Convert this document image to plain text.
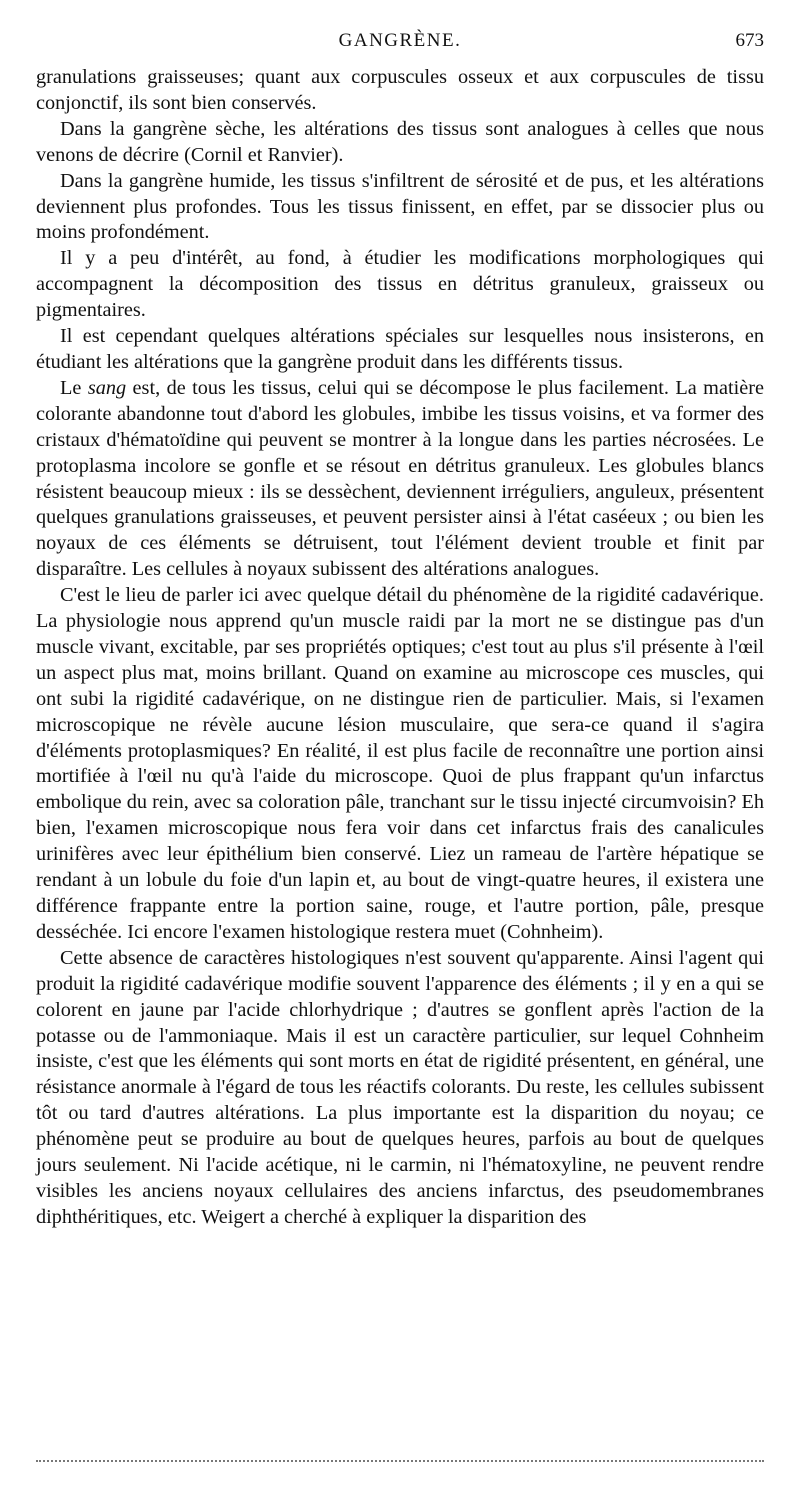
GANGRÈNE.	673

granulations graisseuses; quant aux corpuscules osseux et aux corpuscules de tissu conjonctif, ils sont bien conservés.

Dans la gangrène sèche, les altérations des tissus sont analogues à celles que nous venons de décrire (Cornil et Ranvier).

Dans la gangrène humide, les tissus s'infiltrent de sérosité et de pus, et les altérations deviennent plus profondes. Tous les tissus finissent, en effet, par se dissocier plus ou moins profondément.

Il y a peu d'intérêt, au fond, à étudier les modifications morphologiques qui accompagnent la décomposition des tissus en détritus granuleux, graisseux ou pigmentaires.

Il est cependant quelques altérations spéciales sur lesquelles nous insisterons, en étudiant les altérations que la gangrène produit dans les différents tissus.

Le sang est, de tous les tissus, celui qui se décompose le plus facilement. La matière colorante abandonne tout d'abord les globules, imbibe les tissus voisins, et va former des cristaux d'hématoïdine qui peuvent se montrer à la longue dans les parties nécrosées. Le protoplasma incolore se gonfle et se résout en détritus granuleux. Les globules blancs résistent beaucoup mieux : ils se dessèchent, deviennent irréguliers, anguleux, présentent quelques granulations graisseuses, et peuvent persister ainsi à l'état caséeux ; ou bien les noyaux de ces éléments se détruisent, tout l'élément devient trouble et finit par disparaître. Les cellules à noyaux subissent des altérations analogues.

C'est le lieu de parler ici avec quelque détail du phénomène de la rigidité cadavérique. La physiologie nous apprend qu'un muscle raidi par la mort ne se distingue pas d'un muscle vivant, excitable, par ses propriétés optiques; c'est tout au plus s'il présente à l'œil un aspect plus mat, moins brillant. Quand on examine au microscope ces muscles, qui ont subi la rigidité cadavérique, on ne distingue rien de particulier. Mais, si l'examen microscopique ne révèle aucune lésion musculaire, que sera-ce quand il s'agira d'éléments protoplasmiques? En réalité, il est plus facile de reconnaître une portion ainsi mortifiée à l'œil nu qu'à l'aide du microscope. Quoi de plus frappant qu'un infarctus embolique du rein, avec sa coloration pâle, tranchant sur le tissu injecté circumvoisin? Eh bien, l'examen microscopique nous fera voir dans cet infarctus frais des canalicules urinifères avec leur épithélium bien conservé. Liez un rameau de l'artère hépatique se rendant à un lobule du foie d'un lapin et, au bout de vingt-quatre heures, il existera une différence frappante entre la portion saine, rouge, et l'autre portion, pâle, presque desséchée. Ici encore l'examen histologique restera muet (Cohnheim).

Cette absence de caractères histologiques n'est souvent qu'apparente. Ainsi l'agent qui produit la rigidité cadavérique modifie souvent l'apparence des éléments ; il y en a qui se colorent en jaune par l'acide chlorhydrique ; d'autres se gonflent après l'action de la potasse ou de l'ammoniaque. Mais il est un caractère particulier, sur lequel Cohnheim insiste, c'est que les éléments qui sont morts en état de rigidité présentent, en général, une résistance anormale à l'égard de tous les réactifs colorants. Du reste, les cellules subissent tôt ou tard d'autres altérations. La plus importante est la disparition du noyau; ce phénomène peut se produire au bout de quelques heures, parfois au bout de quelques jours seulement. Ni l'acide acétique, ni le carmin, ni l'hématoxyline, ne peuvent rendre visibles les anciens noyaux cellulaires des anciens infarctus, des pseudomembranes diphthéritiques, etc. Weigert a cherché à expliquer la disparition des
